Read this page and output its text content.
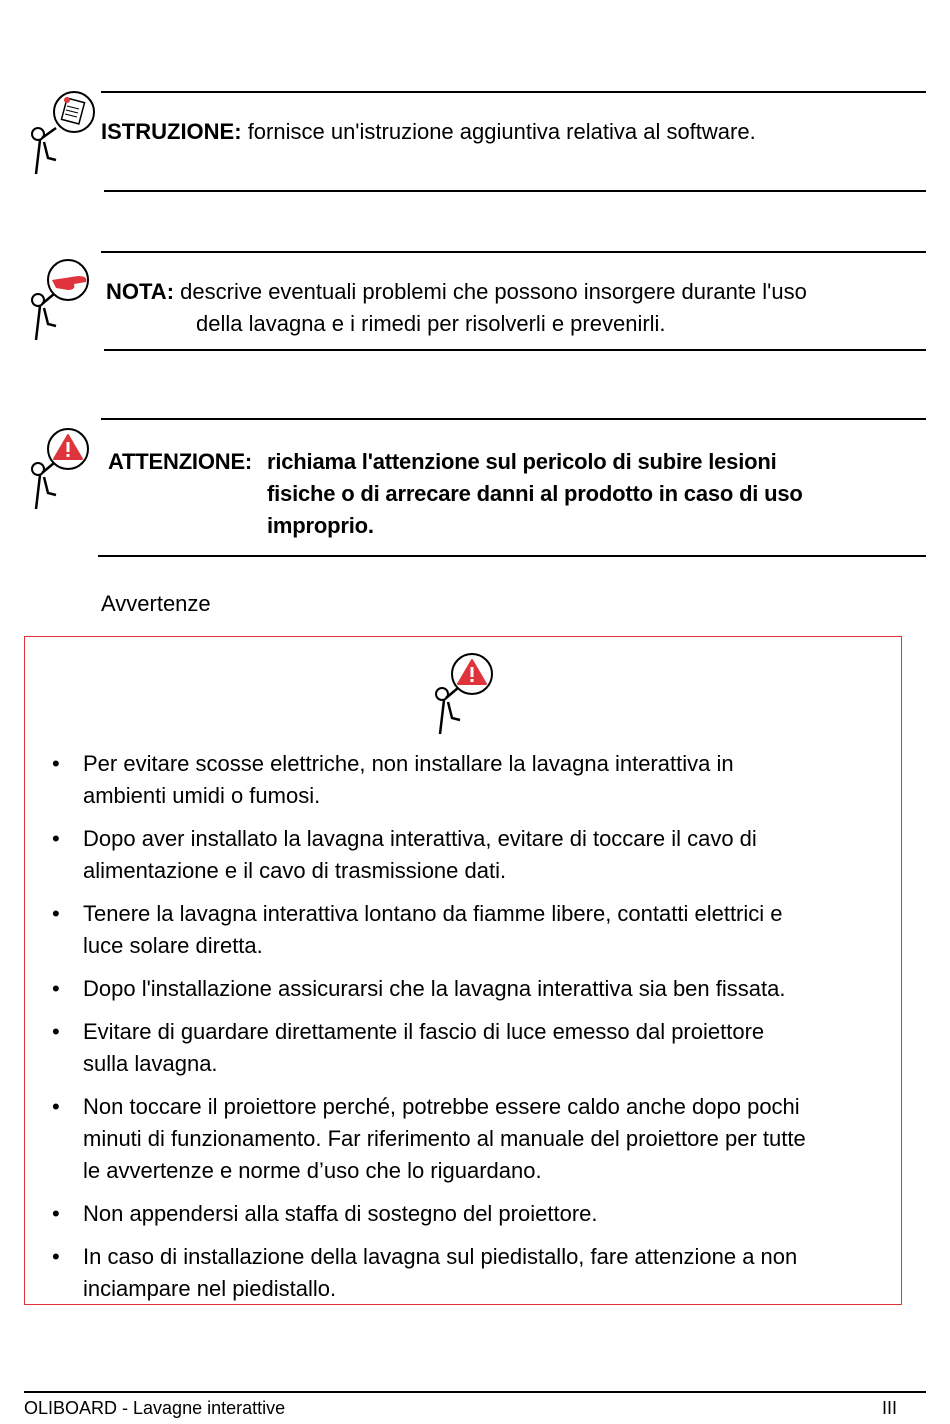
ISTRUZIONE: fornisce un'istruzione aggiuntiva relativa al software.
NOTA: descrive eventuali problemi che possono insorgere durante l'uso
della lavagna e i rimedi per risolverli e prevenirli.
ATTENZIONE: richiama l'attenzione sul pericolo di subire lesioni
fisiche o di arrecare danni al prodotto in caso di uso
improprio.
Avvertenze
• Per evitare scosse elettriche, non installare la lavagna interattiva in
ambienti umidi o fumosi.
• Dopo aver installato la lavagna interattiva, evitare di toccare il cavo di
alimentazione e il cavo di trasmissione dati.
• Tenere la lavagna interattiva lontano da fiamme libere, contatti elettrici e
luce solare diretta.
• Dopo l'installazione assicurarsi che la lavagna interattiva sia ben fissata.
• Evitare di guardare direttamente il fascio di luce emesso dal proiettore
sulla lavagna.
• Non toccare il proiettore perché, potrebbe essere caldo anche dopo pochi
minuti di funzionamento. Far riferimento al manuale del proiettore per tutte
le avvertenze e norme d’uso che lo riguardano.
• Non appendersi alla staffa di sostegno del proiettore.
• In caso di installazione della lavagna sul piedistallo, fare attenzione a non
inciampare nel piedistallo.
OLIBOARD - Lavagne interattive	III
